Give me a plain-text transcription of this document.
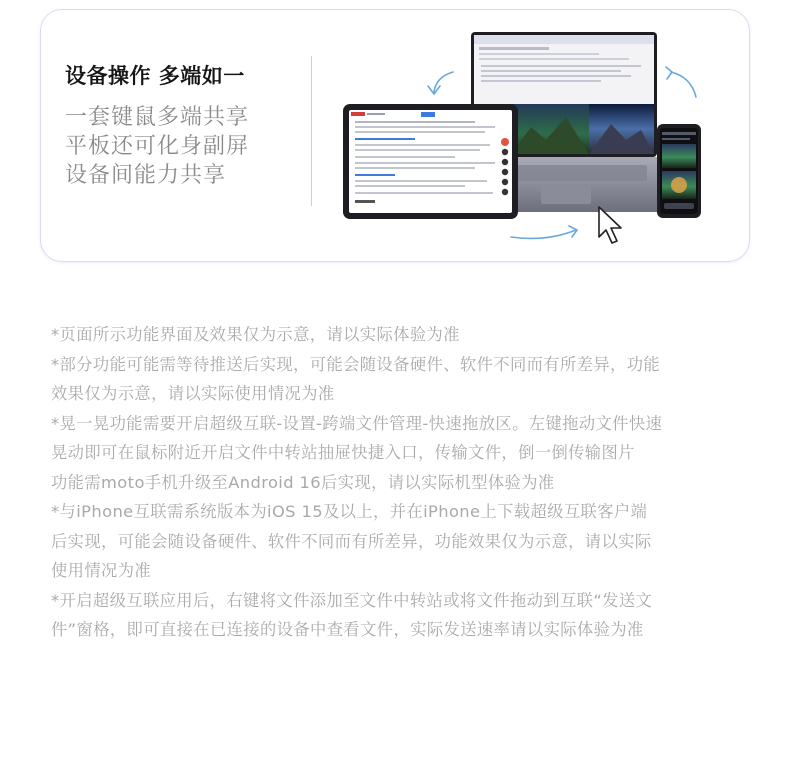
设备操作 多端如一
一套键鼠多端共享
平板还可化身副屏
设备间能力共享
*页面所示功能界面及效果仅为示意，请以实际体验为准
*部分功能可能需等待推送后实现，可能会随设备硬件、软件不同而有所差异，功能
效果仅为示意，请以实际使用情况为准
*晃一晃功能需要开启超级互联-设置-跨端文件管理-快速拖放区。左键拖动文件快速
晃动即可在鼠标附近开启文件中转站抽屉快捷入口，传输文件，倒一倒传输图片
功能需moto手机升级至Android 16后实现，请以实际机型体验为准
*与iPhone互联需系统版本为iOS 15及以上，并在iPhone上下载超级互联客户端
后实现，可能会随设备硬件、软件不同而有所差异，功能效果仅为示意，请以实际
使用情况为准
*开启超级互联应用后，右键将文件添加至文件中转站或将文件拖动到互联“发送文
件”窗格，即可直接在已连接的设备中查看文件，实际发送速率请以实际体验为准
